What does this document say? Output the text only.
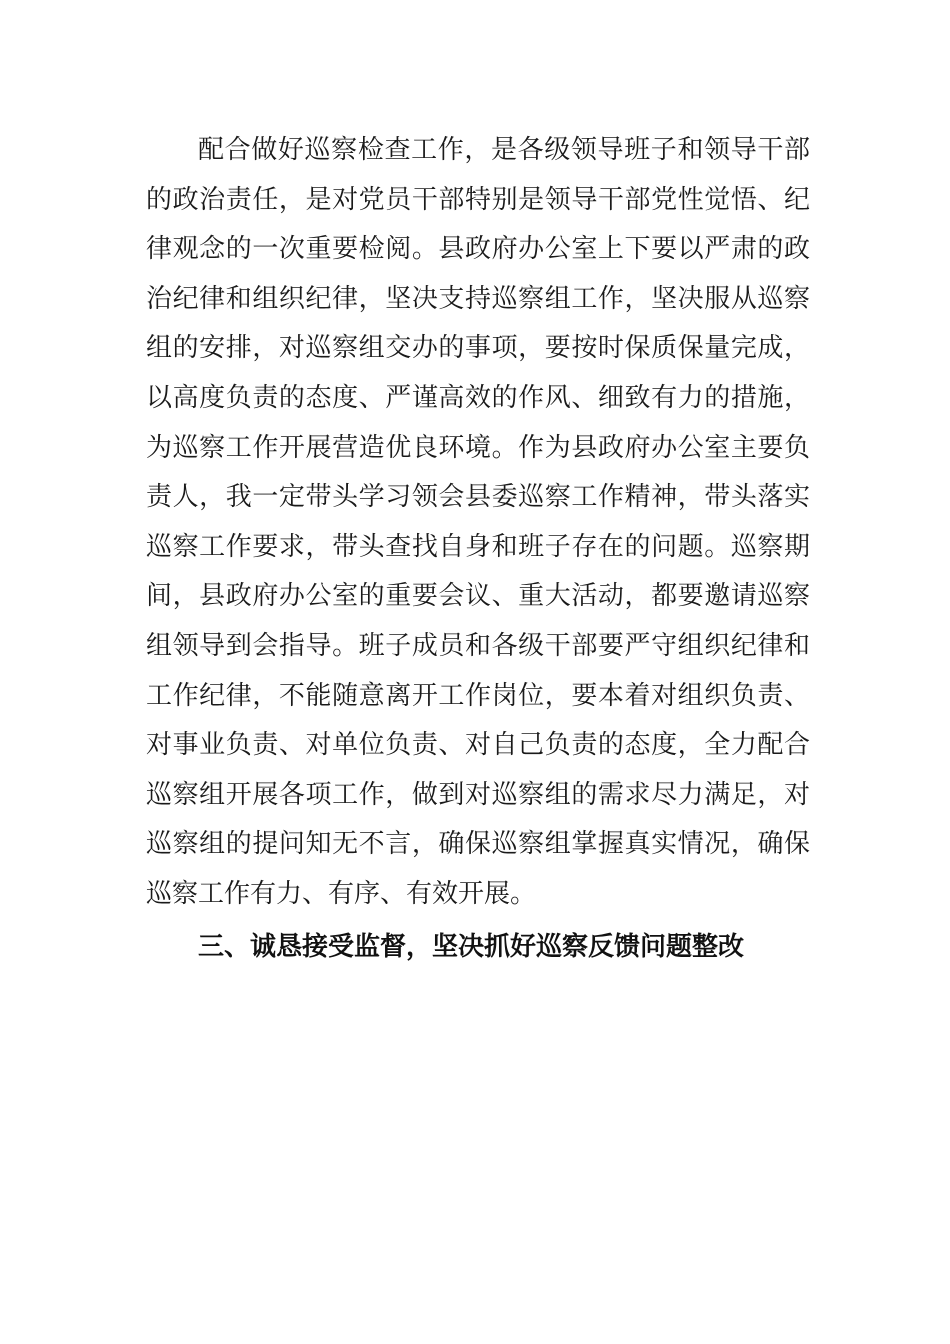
配合做好巡察检查工作，是各级领导班子和领导干部
的政治责任，是对党员干部特别是领导干部党性觉悟、纪
律观念的一次重要检阅。县政府办公室上下要以严肃的政
治纪律和组织纪律，坚决支持巡察组工作，坚决服从巡察
组的安排，对巡察组交办的事项，要按时保质保量完成，
以高度负责的态度、严谨高效的作风、细致有力的措施，
为巡察工作开展营造优良环境。作为县政府办公室主要负
责人，我一定带头学习领会县委巡察工作精神，带头落实
巡察工作要求，带头查找自身和班子存在的问题。巡察期
间，县政府办公室的重要会议、重大活动，都要邀请巡察
组领导到会指导。班子成员和各级干部要严守组织纪律和
工作纪律，不能随意离开工作岗位，要本着对组织负责、
对事业负责、对单位负责、对自己负责的态度，全力配合
巡察组开展各项工作，做到对巡察组的需求尽力满足，对
巡察组的提问知无不言，确保巡察组掌握真实情况，确保
巡察工作有力、有序、有效开展。
三、诚恳接受监督，坚决抓好巡察反馈问题整改
